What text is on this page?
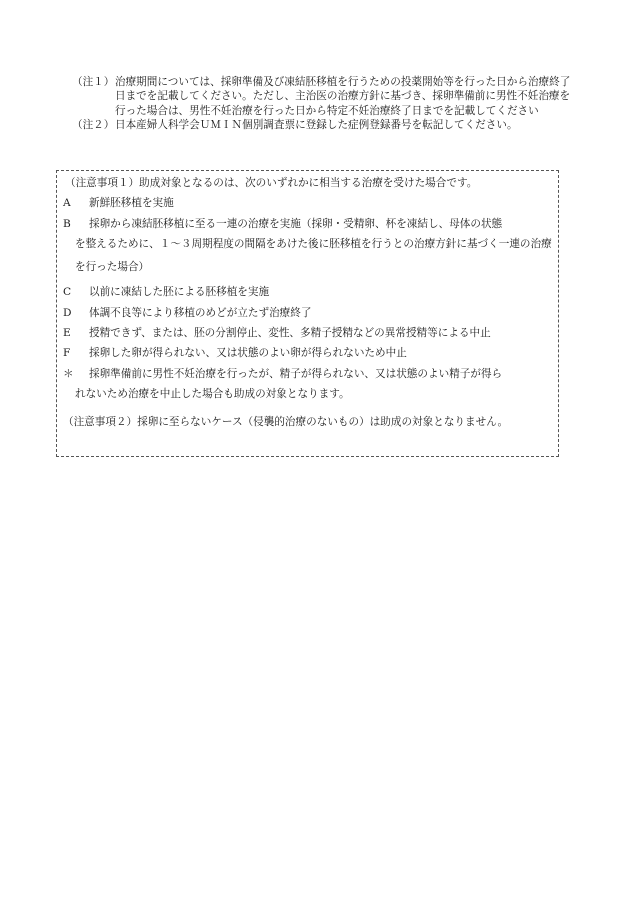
（注１） 治療期間については、採卵準備及び凍結胚移植を行うための投薬開始等を行った日から治療終了日までを記載してください。ただし、主治医の治療方針に基づき、採卵準備前に男性不妊治療を行った場合は、男性不妊治療を行った日から特定不妊治療終了日までを記載してください

（注２） 日本産婦人科学会ＵＭＩＮ個別調査票に登録した症例登録番号を転記してください。

（注意事項１）助成対象となるのは、次のいずれかに相当する治療を受けた場合です。

A 新鮮胚移植を実施

B 採卵から凍結胚移植に至る一連の治療を実施（採卵・受精卵、杯を凍結し、母体の状態
を整えるために、１～３周期程度の間隔をあけた後に胚移植を行うとの治療方針に基づく一連の治療を行った場合）

C 以前に凍結した胚による胚移植を実施

D 体調不良等により移植のめどが立たず治療終了

E 授精できず、または、胚の分割停止、変性、多精子授精などの異常授精等による中止

F 採卵した卵が得られない、又は状態のよい卵が得られないため中止

＊ 採卵準備前に男性不妊治療を行ったが、精子が得られない、又は状態のよい精子が得ら
れないため治療を中止した場合も助成の対象となります。

（注意事項２）採卵に至らないケース（侵襲的治療のないもの）は助成の対象となりません。
